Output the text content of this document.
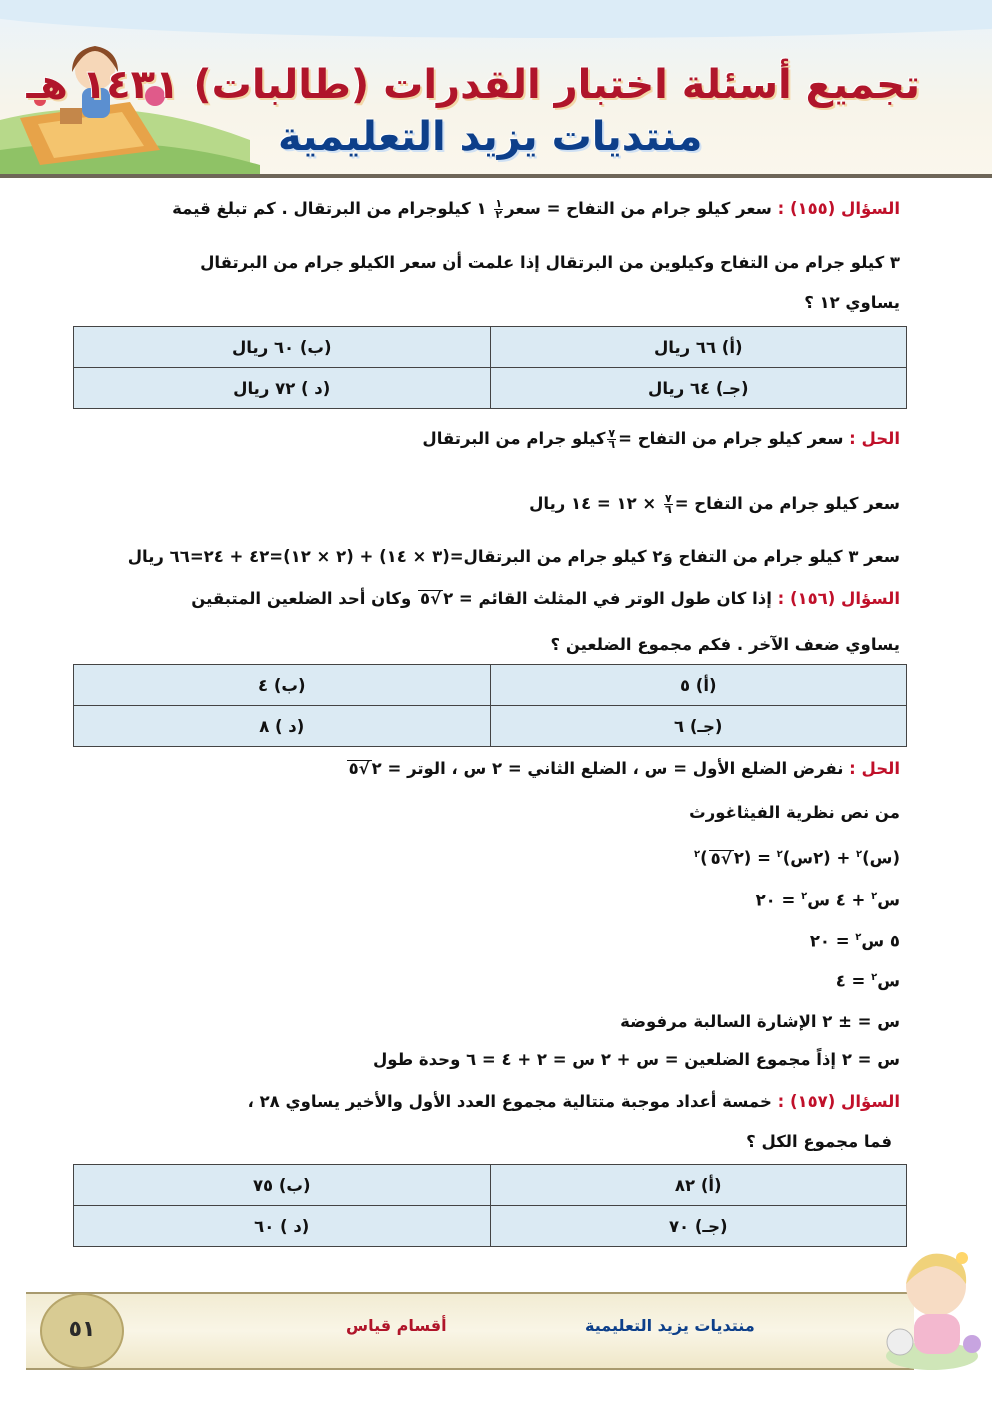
تجميع أسئلة اختبار القدرات (طالبات) ١٤٣١ هـ
منتديات يزيد التعليمية
السؤال (١٥٥) : سعر كيلو جرام من التفاح = سعر
$\frac{١}{٢}$
١ كيلوجرام من البرتقال . كم تبلغ قيمة
٣ كيلو جرام من التفاح وكيلوين من البرتقال إذا علمت أن سعر الكيلو جرام من البرتقال
يساوي ١٢ ؟
(أ) ٦٦ ريال	(ب) ٦٠ ريال
(جـ) ٦٤ ريال	(د ) ٧٢ ريال
الحل : سعر كيلو جرام من التفاح =
$\frac{٧}{٦}$
كيلو جرام من البرتقال
سعر كيلو جرام من التفاح =
$\frac{٧}{٦}$
× ١٢ = ١٤ ريال
سعر ٣ كيلو جرام من التفاح وَ٢ كيلو جرام من البرتقال=(٣ × ١٤) + (٢ × ١٢)=٤٢ + ٢٤=٦٦ ريال
السؤال (١٥٦) : إذا كان طول الوتر في المثلث القائم = ٢√ ٥ وكان أحد الضلعين المتبقين
يساوي ضعف الآخر . فكم مجموع الضلعين ؟
(أ) ٥	(ب) ٤
(جـ) ٦	(د ) ٨
الحل : نفرض الضلع الأول = س ، الضلع الثاني = ٢ س ، الوتر = ٢√ ٥
من نص نظرية الفيثاغورث
(س)$^٢$ + (٢س)$^٢$ = (٢√ ٥)$^٢$
س$^٢$ + ٤ س$^٢$ = ٢٠
٥ س$^٢$ = ٢٠
س$^٢$ = ٤
س = ± ٢ الإشارة السالبة مرفوضة
س = ٢ إذاً مجموع الضلعين = س + ٢ س = ٢ + ٤ = ٦ وحدة طول
السؤال (١٥٧) : خمسة أعداد موجبة متتالية مجموع العدد الأول والأخير يساوي ٢٨ ،
فما مجموع الكل ؟
(أ) ٨٢	(ب) ٧٥
(جـ) ٧٠	(د ) ٦٠
٥١	أقسام قياس	منتديات يزيد التعليمية
